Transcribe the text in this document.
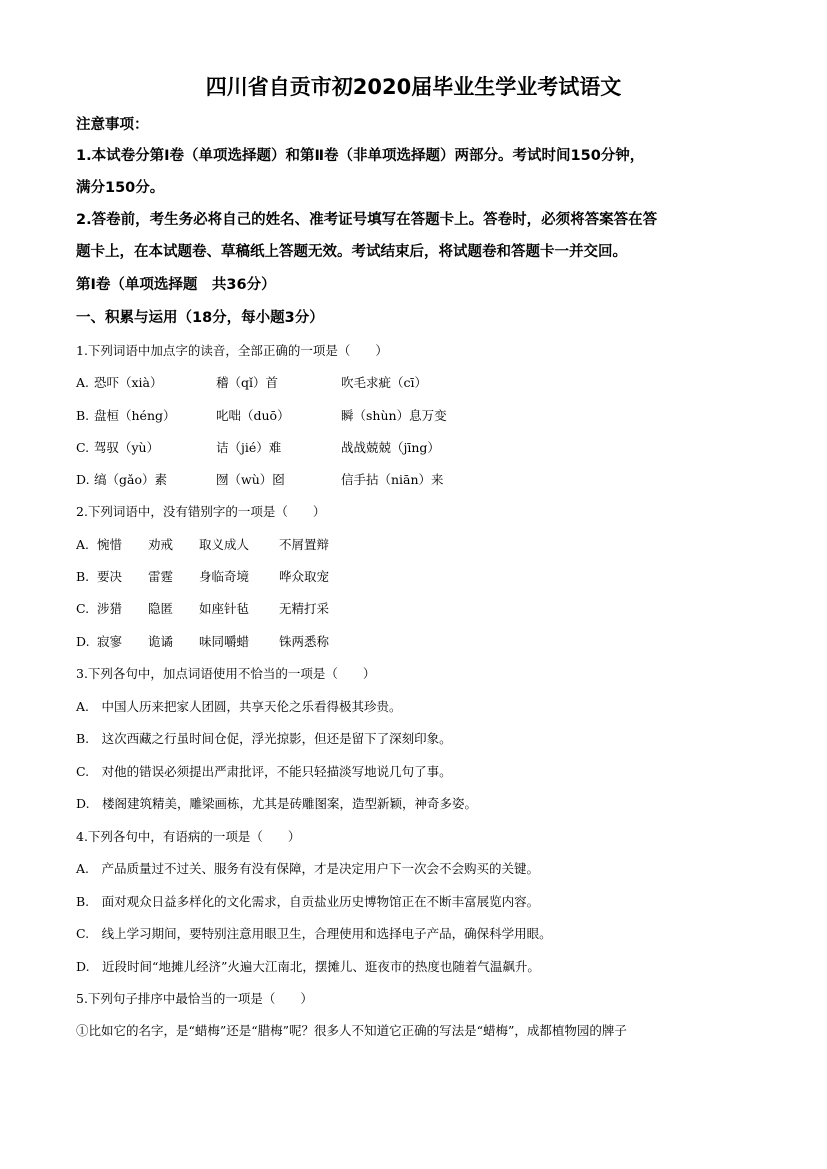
四川省自贡市初2020届毕业生学业考试语文
注意事项：
1.本试卷分第Ⅰ卷（单项选择题）和第Ⅱ卷（非单项选择题）两部分。考试时间150分钟，
满分150分。
2.答卷前，考生务必将自己的姓名、准考证号填写在答题卡上。答卷时，必须将答案答在答
题卡上，在本试题卷、草稿纸上答题无效。考试结束后，将试题卷和答题卡一并交回。
第Ⅰ卷（单项选择题　共36分）
一、积累与运用（18分，每小题3分）
1.下列词语中加点字的读音，全部正确的一项是（　　）
A. 恐吓（xià）	稽（qǐ）首	吹毛求疵（cī）
B. 盘桓（héng）	叱咄（duō）	瞬（shùn）息万变
C. 驾驭（yù）	诘（jié）难	战战兢兢（jīng）
D. 缟（gǎo）素	囫（wù）囵	信手拈（niān）来
2.下列词语中，没有错别字的一项是（　　）
A. 惋惜 劝戒 取义成人 不屑置辩
B. 要决 雷霆 身临奇境 哗众取宠
C. 涉猎 隐匿 如座针毡 无精打采
D. 寂寥 诡谲 味同嚼蜡 铢两悉称
3.下列各句中，加点词语使用不恰当的一项是（　　）
A.　中国人历来把家人团圆，共享天伦之乐看得极其珍贵。
B.　这次西藏之行虽时间仓促，浮光掠影，但还是留下了深刻印象。
C.　对他的错误必须提出严肃批评，不能只轻描淡写地说几句了事。
D.　楼阁建筑精美，雕梁画栋，尤其是砖雕图案，造型新颖，神奇多姿。
4.下列各句中，有语病的一项是（　　）
A.　产品质量过不过关、服务有没有保障，才是决定用户下一次会不会购买的关键。
B.　面对观众日益多样化的文化需求，自贡盐业历史博物馆正在不断丰富展览内容。
C.　线上学习期间，要特别注意用眼卫生，合理使用和选择电子产品，确保科学用眼。
D.　近段时间“地摊儿经济”火遍大江南北，摆摊儿、逛夜市的热度也随着气温飙升。
5.下列句子排序中最恰当的一项是（　　）
①比如它的名字，是“蜡梅”还是“腊梅”呢？很多人不知道它正确的写法是“蜡梅”，成都植物园的牌子
